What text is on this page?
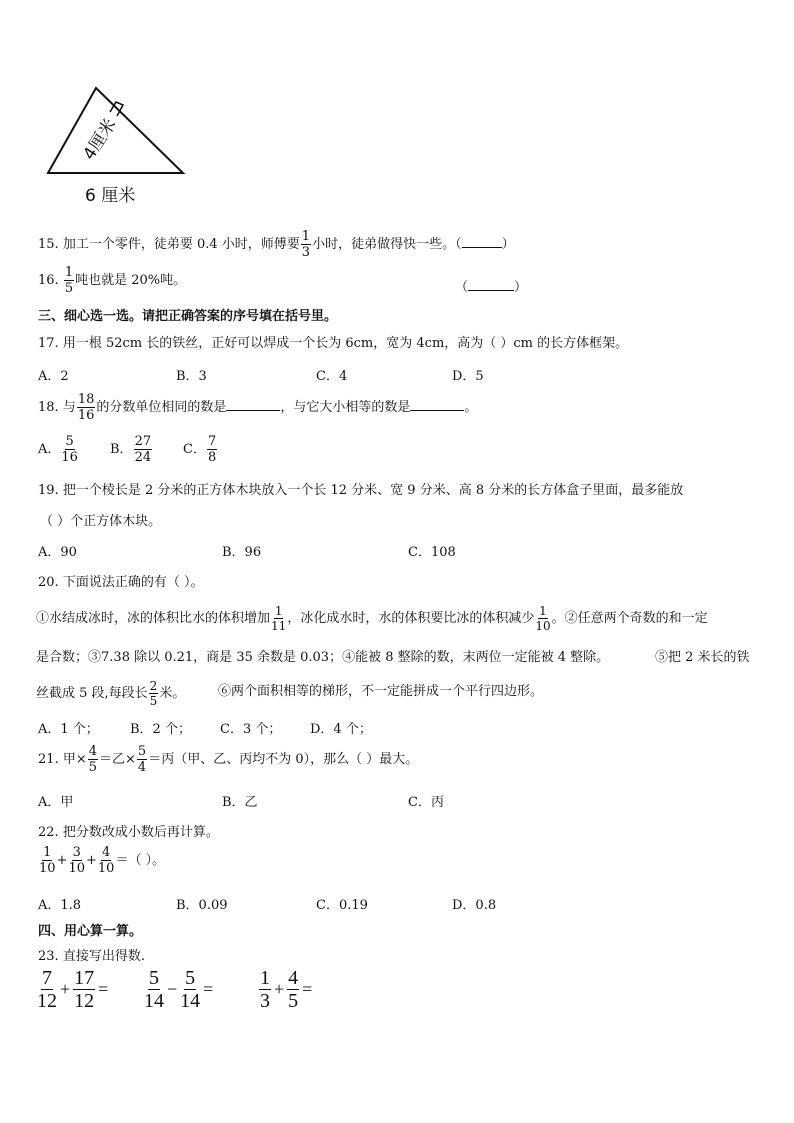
4厘米
6 厘米
15. 加工一个零件，徒弟要 0.4 小时，师傅要 $\frac{1}{3}$ 小时，徒弟做得快一些。（	）
16. $\frac{1}{5}$ 吨也就是 20%吨。	（	）
三、细心选一选。请把正确答案的序号填在括号里。
17. 用一根 52cm 长的铁丝，正好可以焊成一个长为 6cm，宽为 4cm，高为（ ）cm 的长方体框架。
A．2	B．3	C．4	D．5
18. 与 $\frac{18}{16}$ 的分数单位相同的数是	，与它大小相等的数是	。
A． $\frac{5}{16}$ B． $\frac{27}{24}$ C． $\frac{7}{8}$
19. 把一个棱长是 2 分米的正方体木块放入一个长 12 分米、宽 9 分米、高 8 分米的长方体盒子里面，最多能放
（ ）个正方体木块。
A．90	B．96	C．108
20. 下面说法正确的有（ ）。
①水结成冰时，冰的体积比水的体积增加 $\frac{1}{11}$ ，冰化成水时，水的体积要比冰的体积减少 $\frac{1}{10}$ 。②任意两个奇数的和一定
是合数；③7.38 除以 0.21，商是 35 余数是 0.03；④能被 8 整除的数，末两位一定能被 4 整除。	⑤把 2 米长的铁
丝截成 5 段,每段长 $\frac{2}{5}$ 米。	⑥两个面积相等的梯形，不一定能拼成一个平行四边形。
A．1 个； B．2 个； C．3 个； D．4 个；
21. 甲× $\frac{4}{5}$ ＝乙× $\frac{5}{4}$ ＝丙（甲、乙、丙均不为 0），那么（ ）最大。
A．甲	B．乙	C．丙
22. 把分数改成小数后再计算。
$\frac{1}{10} + \frac{3}{10} + \frac{4}{10}$ ＝（ ）。
A．1.8	B．0.09	C．0.19	D．0.8
四、用心算一算。
23. 直接写出得数.
$\frac{7}{12} + \frac{17}{12} = \frac{5}{14} - \frac{5}{14} = \frac{1}{3} + \frac{4}{5}$ =
